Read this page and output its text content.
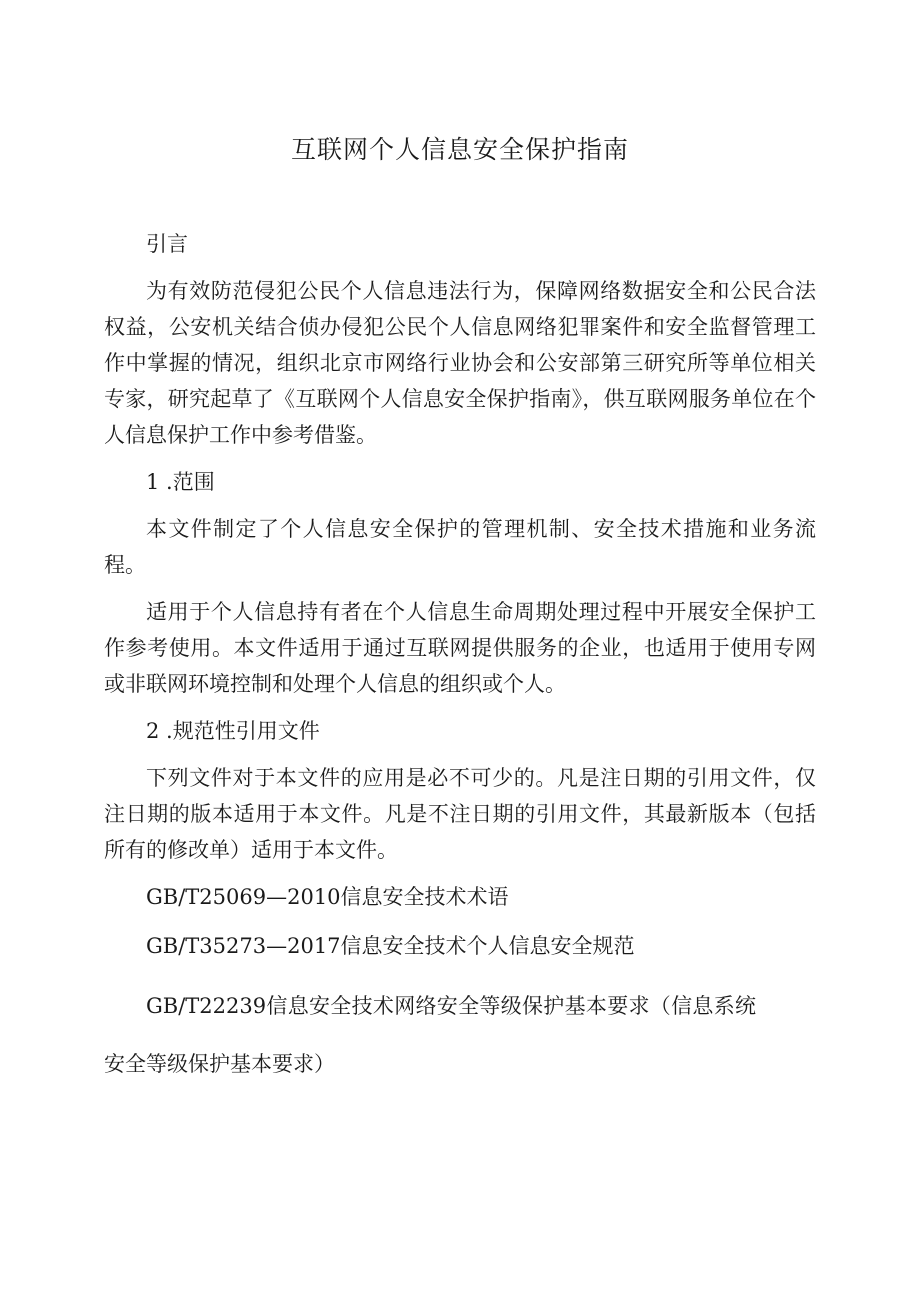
互联网个人信息安全保护指南

引言

为有效防范侵犯公民个人信息违法行为，保障网络数据安全和公民合法权益，公安机关结合侦办侵犯公民个人信息网络犯罪案件和安全监督管理工作中掌握的情况，组织北京市网络行业协会和公安部第三研究所等单位相关专家，研究起草了《互联网个人信息安全保护指南》，供互联网服务单位在个人信息保护工作中参考借鉴。

1 .范围

本文件制定了个人信息安全保护的管理机制、安全技术措施和业务流程。

适用于个人信息持有者在个人信息生命周期处理过程中开展安全保护工作参考使用。本文件适用于通过互联网提供服务的企业，也适用于使用专网或非联网环境控制和处理个人信息的组织或个人。

2 .规范性引用文件

下列文件对于本文件的应用是必不可少的。凡是注日期的引用文件，仅注日期的版本适用于本文件。凡是不注日期的引用文件，其最新版本（包括所有的修改单）适用于本文件。

GB/T25069—2010信息安全技术术语

GB/T35273—2017信息安全技术个人信息安全规范

GB/T22239信息安全技术网络安全等级保护基本要求（信息系统安全等级保护基本要求）
